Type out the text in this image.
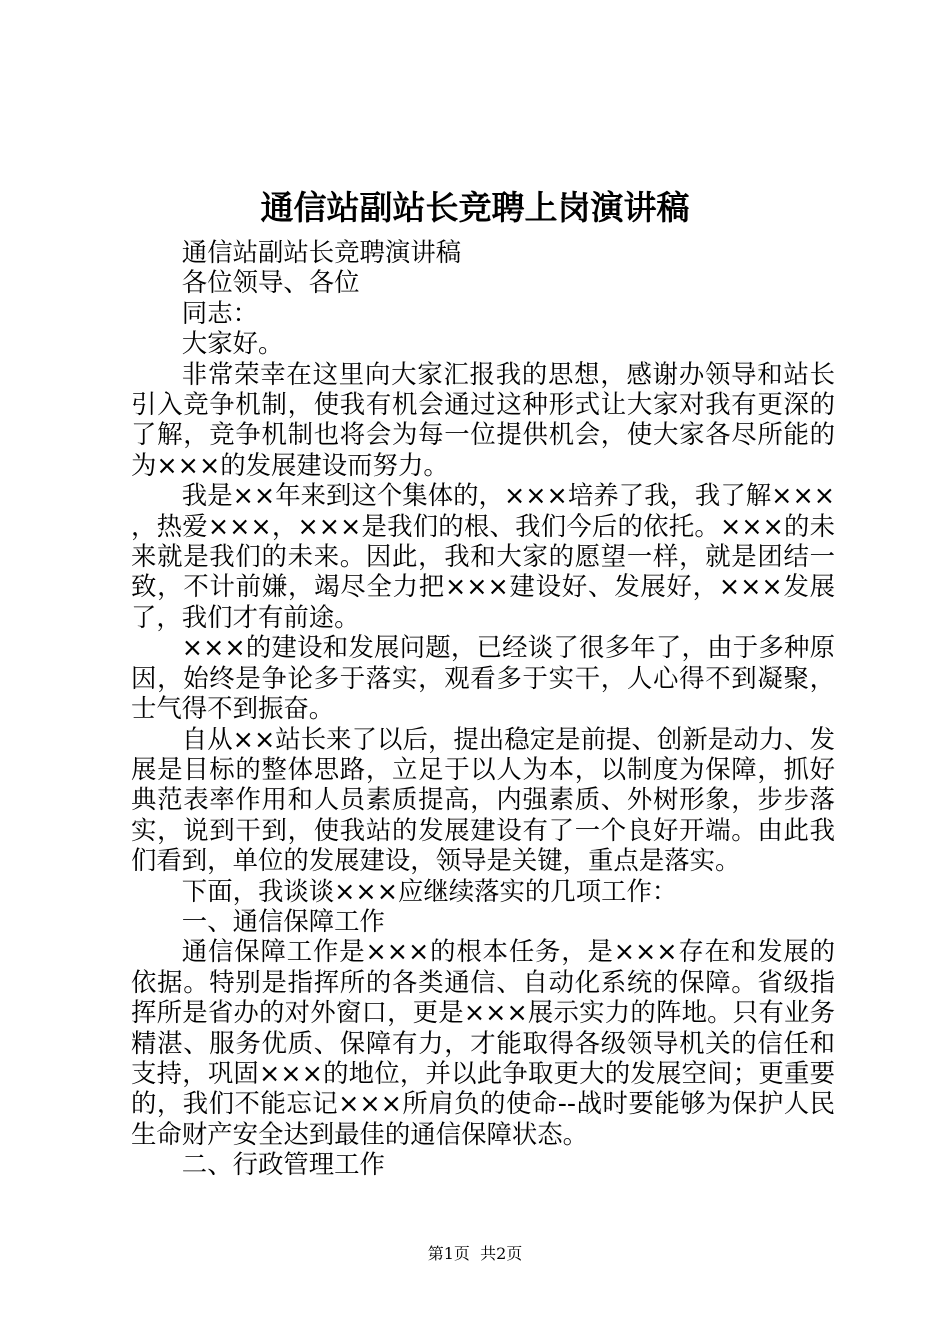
通信站副站长竞聘上岗演讲稿

通信站副站长竞聘演讲稿

各位领导、各位

同志：

大家好。

非常荣幸在这里向大家汇报我的思想，感谢办领导和站长引入竞争机制，使我有机会通过这种形式让大家对我有更深的了解，竞争机制也将会为每一位提供机会，使大家各尽所能的为×××的发展建设而努力。

我是××年来到这个集体的，×××培养了我，我了解×××，热爱×××，×××是我们的根、我们今后的依托。×××的未来就是我们的未来。因此，我和大家的愿望一样，就是团结一致，不计前嫌，竭尽全力把×××建设好、发展好，×××发展了，我们才有前途。

×××的建设和发展问题，已经谈了很多年了，由于多种原因，始终是争论多于落实，观看多于实干，人心得不到凝聚，士气得不到振奋。

自从××站长来了以后，提出稳定是前提、创新是动力、发展是目标的整体思路，立足于以人为本，以制度为保障，抓好典范表率作用和人员素质提高，内强素质、外树形象，步步落实，说到干到，使我站的发展建设有了一个良好开端。由此我们看到，单位的发展建设，领导是关键，重点是落实。

下面，我谈谈×××应继续落实的几项工作：

一、通信保障工作

通信保障工作是×××的根本任务，是×××存在和发展的依据。特别是指挥所的各类通信、自动化系统的保障。省级指挥所是省办的对外窗口，更是×××展示实力的阵地。只有业务精湛、服务优质、保障有力，才能取得各级领导机关的信任和支持，巩固×××的地位，并以此争取更大的发展空间；更重要的，我们不能忘记×××所肩负的使命--战时要能够为保护人民生命财产安全达到最佳的通信保障状态。

二、行政管理工作

第1页 共2页
